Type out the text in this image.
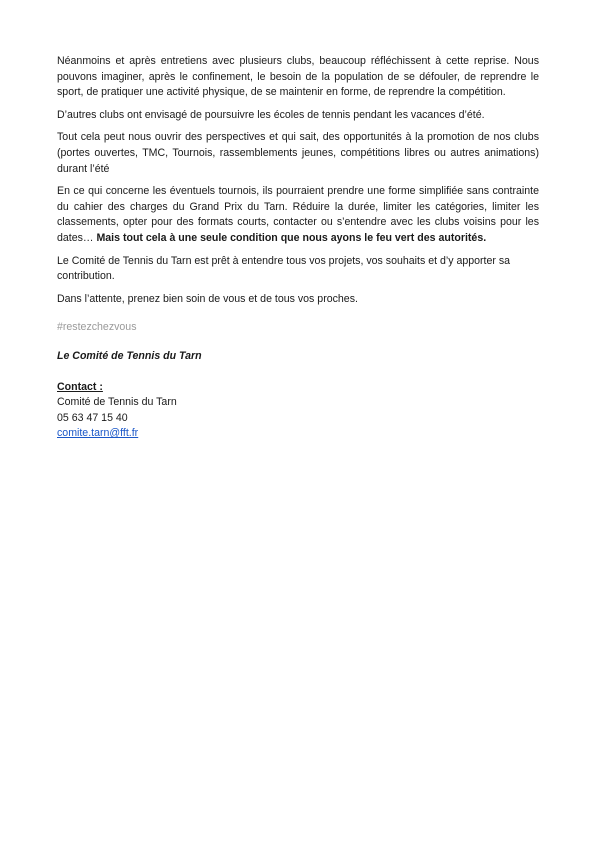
Néanmoins et après entretiens avec plusieurs clubs, beaucoup réfléchissent à cette reprise. Nous pouvons imaginer, après le confinement, le besoin de la population de se défouler, de reprendre le sport, de pratiquer une activité physique, de se maintenir en forme, de reprendre la compétition.

D’autres clubs ont envisagé de poursuivre les écoles de tennis pendant les vacances d’été.

Tout cela peut nous ouvrir des perspectives et qui sait, des opportunités à la promotion de nos clubs (portes ouvertes, TMC, Tournois, rassemblements jeunes, compétitions libres ou autres animations) durant l’été

En ce qui concerne les éventuels tournois, ils pourraient prendre une forme simplifiée sans contrainte du cahier des charges du Grand Prix du Tarn. Réduire la durée, limiter les catégories, limiter les classements, opter pour des formats courts, contacter ou s’entendre avec les clubs voisins pour les dates… Mais tout cela à une seule condition que nous ayons le feu vert des autorités.

Le Comité de Tennis du Tarn est prêt à entendre tous vos projets, vos souhaits et d’y apporter sa contribution.

Dans l’attente, prenez bien soin de vous et de tous vos proches.

#restezchezvous

Le Comité de Tennis du Tarn

Contact :

Comité de Tennis du Tarn

05 63 47 15 40

comite.tarn@fft.fr
